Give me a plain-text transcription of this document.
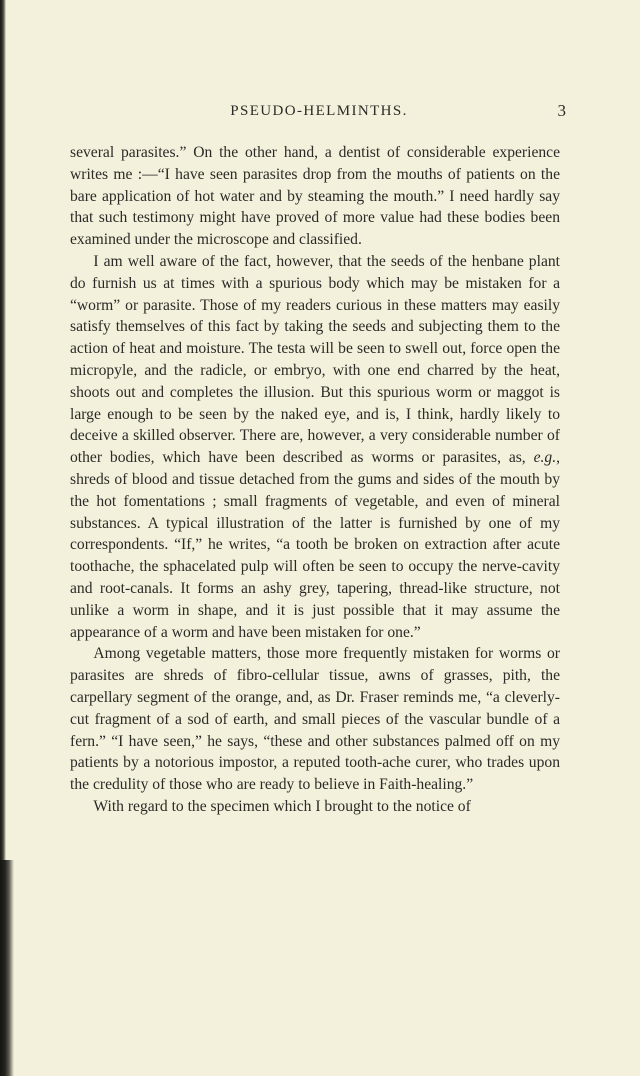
PSEUDO-HELMINTHS.	3

several parasites.” On the other hand, a dentist of considerable experience writes me :—“I have seen parasites drop from the mouths of patients on the bare application of hot water and by steaming the mouth.” I need hardly say that such testimony might have proved of more value had these bodies been examined under the microscope and classified.

I am well aware of the fact, however, that the seeds of the henbane plant do furnish us at times with a spurious body which may be mistaken for a “worm” or parasite. Those of my readers curious in these matters may easily satisfy themselves of this fact by taking the seeds and subjecting them to the action of heat and moisture. The testa will be seen to swell out, force open the micropyle, and the radicle, or embryo, with one end charred by the heat, shoots out and completes the illusion. But this spurious worm or maggot is large enough to be seen by the naked eye, and is, I think, hardly likely to deceive a skilled observer. There are, however, a very considerable number of other bodies, which have been described as worms or parasites, as, e.g., shreds of blood and tissue detached from the gums and sides of the mouth by the hot fomentations ; small fragments of vegetable, and even of mineral substances. A typical illustration of the latter is furnished by one of my correspondents. “If,” he writes, “a tooth be broken on extraction after acute toothache, the sphacelated pulp will often be seen to occupy the nerve-cavity and root-canals. It forms an ashy grey, tapering, thread-like structure, not unlike a worm in shape, and it is just possible that it may assume the appearance of a worm and have been mistaken for one.”

Among vegetable matters, those more frequently mistaken for worms or parasites are shreds of fibro-cellular tissue, awns of grasses, pith, the carpellary segment of the orange, and, as Dr. Fraser reminds me, “a cleverly-cut fragment of a sod of earth, and small pieces of the vascular bundle of a fern.” “I have seen,” he says, “these and other substances palmed off on my patients by a notorious impostor, a reputed tooth-ache curer, who trades upon the credulity of those who are ready to believe in Faith-healing.”

With regard to the specimen which I brought to the notice of
